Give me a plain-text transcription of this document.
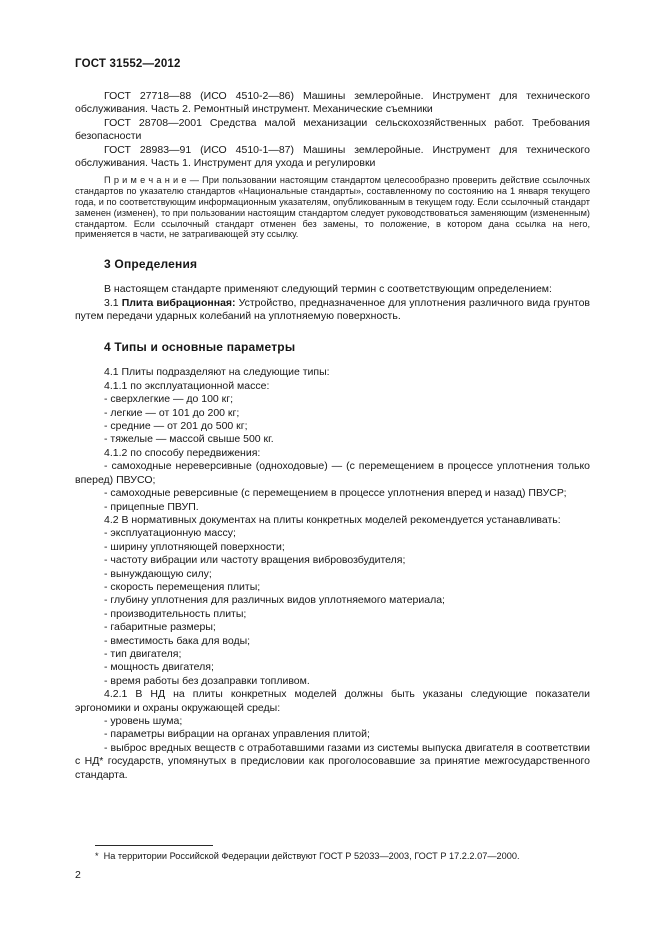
ГОСТ 31552—2012

ГОСТ 27718—88 (ИСО 4510-2—86) Машины землеройные. Инструмент для технического обслуживания. Часть 2. Ремонтный инструмент. Механические съемники

ГОСТ 28708—2001 Средства малой механизации сельскохозяйственных работ. Требования безопасности

ГОСТ 28983—91 (ИСО 4510-1—87) Машины землеройные. Инструмент для технического обслуживания. Часть 1. Инструмент для ухода и регулировки

П р и м е ч а н и е — При пользовании настоящим стандартом целесообразно проверить действие ссылочных стандартов по указателю стандартов «Национальные стандарты», составленному по состоянию на 1 января текущего года, и по соответствующим информационным указателям, опубликованным в текущем году. Если ссылочный стандарт заменен (изменен), то при пользовании настоящим стандартом следует руководствоваться заменяющим (измененным) стандартом. Если ссылочный стандарт отменен без замены, то положение, в котором дана ссылка на него, применяется в части, не затрагивающей эту ссылку.

3 Определения

В настоящем стандарте применяют следующий термин с соответствующим определением:

3.1 Плита вибрационная: Устройство, предназначенное для уплотнения различного вида грунтов путем передачи ударных колебаний на уплотняемую поверхность.

4 Типы и основные параметры

4.1 Плиты подразделяют на следующие типы:

4.1.1 по эксплуатационной массе:

- сверхлегкие — до 100 кг;

- легкие — от 101 до 200 кг;

- средние — от 201 до 500 кг;

- тяжелые — массой свыше 500 кг.

4.1.2 по способу передвижения:

- самоходные нереверсивные (одноходовые) — (с перемещением в процессе уплотнения только вперед) ПВУСО;

- самоходные реверсивные (с перемещением в процессе уплотнения вперед и назад) ПВУСР;

- прицепные ПВУП.

4.2 В нормативных документах на плиты конкретных моделей рекомендуется устанавливать:

- эксплуатационную массу;

- ширину уплотняющей поверхности;

- частоту вибрации или частоту вращения вибровозбудителя;

- вынуждающую силу;

- скорость перемещения плиты;

- глубину уплотнения для различных видов уплотняемого материала;

- производительность плиты;

- габаритные размеры;

- вместимость бака для воды;

- тип двигателя;

- мощность двигателя;

- время работы без дозаправки топливом.

4.2.1 В НД на плиты конкретных моделей должны быть указаны следующие показатели эргономики и охраны окружающей среды:

- уровень шума;

- параметры вибрации на органах управления плитой;

- выброс вредных веществ с отработавшими газами из системы выпуска двигателя в соответствии с НД* государств, упомянутых в предисловии как проголосовавшие за принятие межгосударственного стандарта.

* На территории Российской Федерации действуют ГОСТ Р 52033—2003, ГОСТ Р 17.2.2.07—2000.

2
